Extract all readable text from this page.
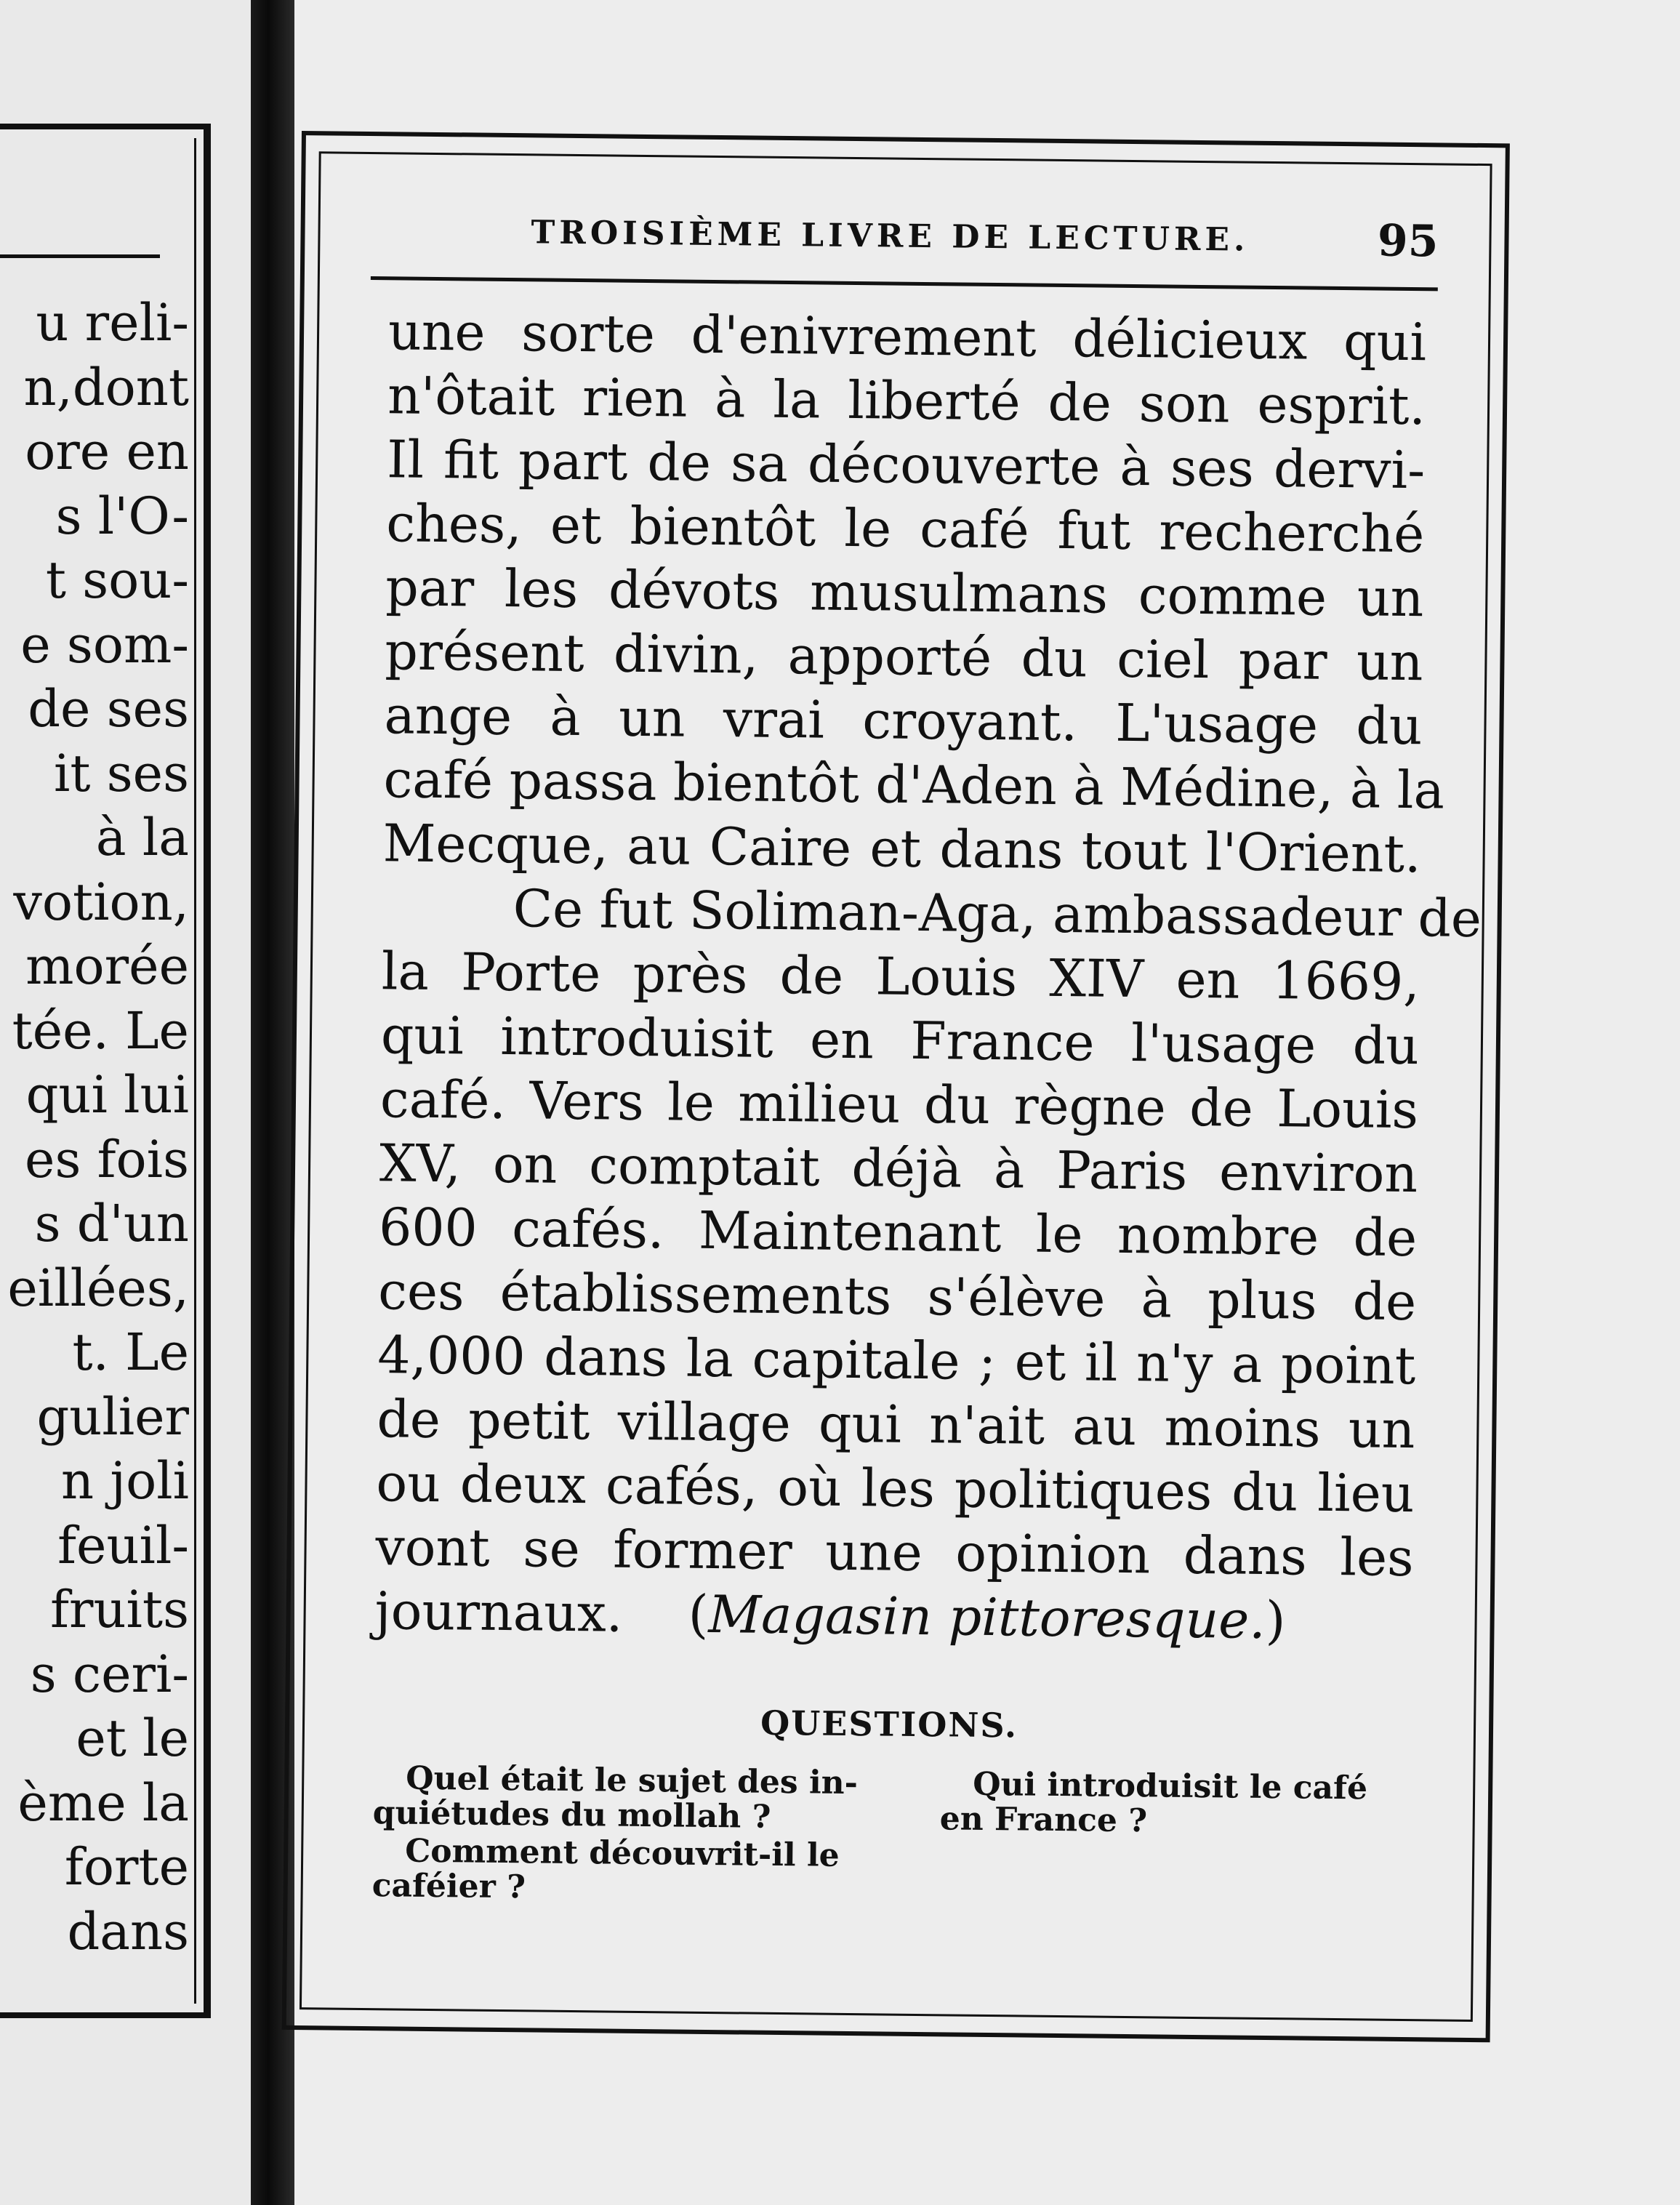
u reli-
n,dont
ore en
s l'O-
t sou-
e som-
de ses
it ses
à la
votion,
morée
tée. Le
qui lui
es fois
s d'un
eillées,
t. Le
gulier
n joli
feuil-
fruits
s ceri-
et le
ème la
forte
dans
TROISIÈME LIVRE DE LECTURE.	95
une sorte d'enivrement délicieux qui
n'ôtait rien à la liberté de son esprit.
Il fit part de sa découverte à ses dervi-
ches, et bientôt le café fut recherché
par les dévots musulmans comme un
présent divin, apporté du ciel par un
ange à un vrai croyant. L'usage du
café passa bientôt d'Aden à Médine, à la
Mecque, au Caire et dans tout l'Orient.
Ce fut Soliman-Aga, ambassadeur de
la Porte près de Louis XIV en 1669,
qui introduisit en France l'usage du
café. Vers le milieu du règne de Louis
XV, on comptait déjà à Paris environ
600 cafés. Maintenant le nombre de
ces établissements s'élève à plus de
4,000 dans la capitale ; et il n'y a point
de petit village qui n'ait au moins un
ou deux cafés, où les politiques du lieu
vont se former une opinion dans les
journaux. (Magasin pittoresque.)
QUESTIONS.
Quel était le sujet des in-
quiétudes du mollah ?
Comment découvrit-il le
caféier ?
Qui introduisit le café
en France ?
